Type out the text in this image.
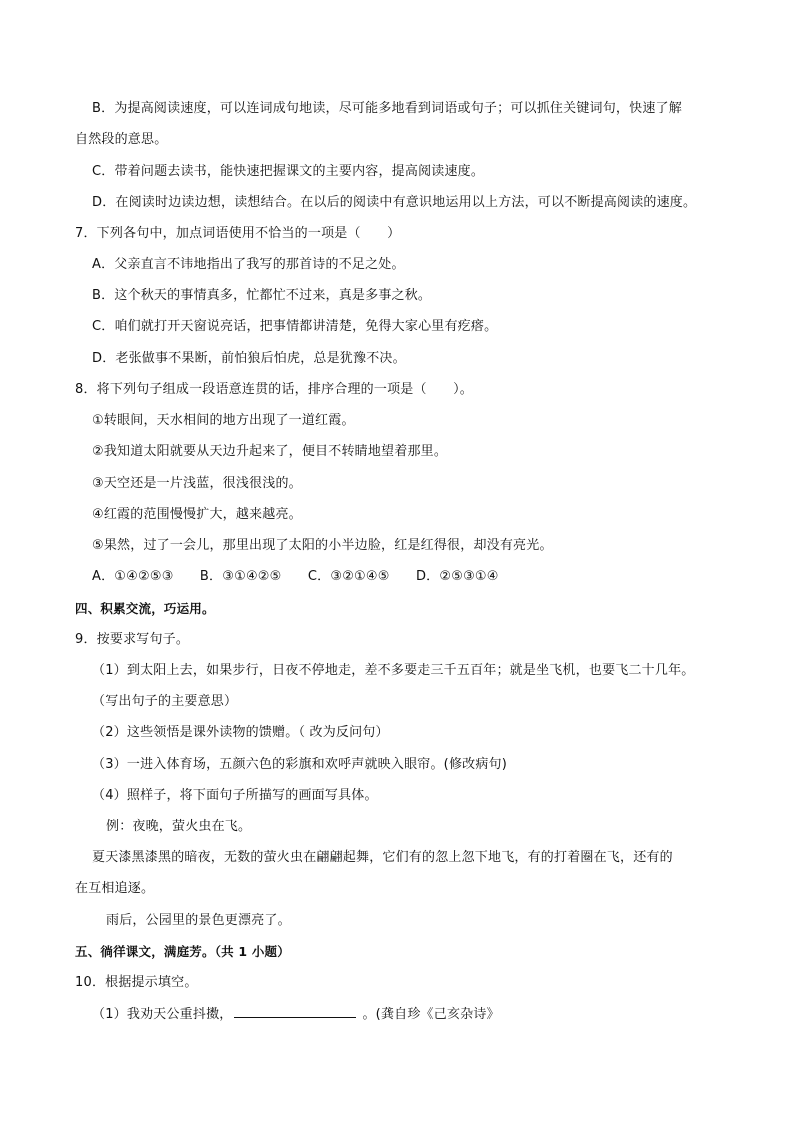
B．为提高阅读速度，可以连词成句地读，尽可能多地看到词语或句子；可以抓住关键词句，快速了解
自然段的意思。
C．带着问题去读书，能快速把握课文的主要内容，提高阅读速度。
D．在阅读时边读边想，读想结合。在以后的阅读中有意识地运用以上方法，可以不断提高阅读的速度。
7．下列各句中，加点词语使用不恰当的一项是（　　）
A．父亲直言不讳地指出了我写的那首诗的不足之处。
B．这个秋天的事情真多，忙都忙不过来，真是多事之秋。
C．咱们就打开天窗说亮话，把事情都讲清楚，免得大家心里有疙瘩。
D．老张做事不果断，前怕狼后怕虎，总是犹豫不决。
8．将下列句子组成一段语意连贯的话，排序合理的一项是（　　）。
①转眼间，天水相间的地方出现了一道红霞。
②我知道太阳就要从天边升起来了，便目不转睛地望着那里。
③天空还是一片浅蓝，很浅很浅的。
④红霞的范围慢慢扩大，越来越亮。
⑤果然，过了一会儿，那里出现了太阳的小半边脸，红是红得很，却没有亮光。
A．①④②⑤③ B．③①④②⑤ C．③②①④⑤ D．②⑤③①④
四、积累交流，巧运用。
9．按要求写句子。
（1）到太阳上去，如果步行，日夜不停地走，差不多要走三千五百年；就是坐飞机，也要飞二十几年。
（写出句子的主要意思）
（2）这些领悟是课外读物的馈赠。（ 改为反问句）
（3）一进入体育场，五颜六色的彩旗和欢呼声就映入眼帘。(修改病句)
（4）照样子，将下面句子所描写的画面写具体。
例：夜晚，萤火虫在飞。
夏天漆黑漆黑的暗夜，无数的萤火虫在翩翩起舞，它们有的忽上忽下地飞，有的打着圈在飞，还有的
在互相追逐。
雨后，公园里的景色更漂亮了。
五、徜徉课文，满庭芳。（共 1 小题）
10．根据提示填空。
（1）我劝天公重抖擞，	。(龚自珍《己亥杂诗》
